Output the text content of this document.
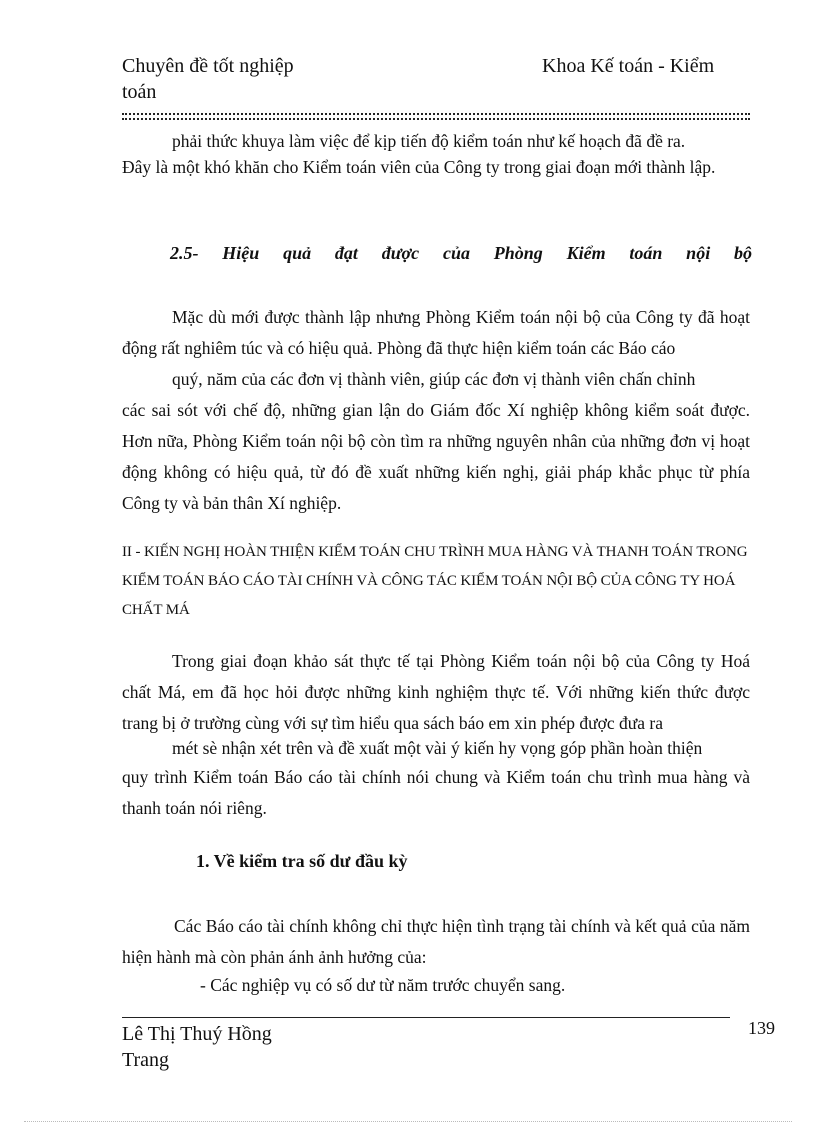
Chuyên đề tốt nghiệp
toán
Khoa Kế toán - Kiểm
phải thức khuya làm việc để kịp tiến độ kiểm toán như kế hoạch đã đề ra.
Đây là một khó khăn cho Kiểm toán viên của Công ty trong giai đoạn mới thành lập.
2.5- Hiệu quả đạt được của Phòng Kiểm toán nội bộ
Mặc dù mới được thành lập nhưng Phòng Kiểm toán nội bộ của Công ty đã hoạt động rất nghiêm túc và có hiệu quả. Phòng đã thực hiện kiểm toán các Báo cáo
quý, năm của các đơn vị thành viên, giúp các đơn vị thành viên chấn chỉnh
các sai sót với chế độ, những gian lận do Giám đốc Xí nghiệp không kiểm soát được. Hơn nữa, Phòng Kiểm toán nội bộ còn tìm ra những nguyên nhân của những đơn vị hoạt động không có hiệu quả, từ đó đề xuất những kiến nghị, giải pháp khắc phục từ phía Công ty và bản thân Xí nghiệp.
II - KIẾN NGHỊ HOÀN THIỆN KIỂM TOÁN CHU TRÌNH MUA HÀNG VÀ THANH TOÁN TRONG KIỂM TOÁN BÁO CÁO TÀI CHÍNH VÀ CÔNG TÁC KIỂM TOÁN NỘI BỘ CỦA CÔNG TY HOÁ CHẤT MÁ
Trong giai đoạn khảo sát thực tế tại Phòng Kiểm toán nội bộ của Công ty Hoá chất Má, em đã học hỏi được những kinh nghiệm thực tế. Với những kiến thức được trang bị ở trường cùng với sự tìm hiểu qua sách báo em xin phép được đưa ra
mét sè nhận xét trên và đề xuất một vài ý kiến hy vọng góp phần hoàn thiện
quy trình Kiểm toán Báo cáo tài chính nói chung và Kiểm toán chu trình mua hàng và thanh toán nói riêng.
1. Về kiểm tra số dư đầu kỳ
Các Báo cáo tài chính không chỉ thực hiện tình trạng tài chính và kết quả của năm hiện hành mà còn phản ánh ảnh hưởng của:
- Các nghiệp vụ có số dư từ năm trước chuyển sang.
Lê Thị Thuý Hồng
Trang
139
